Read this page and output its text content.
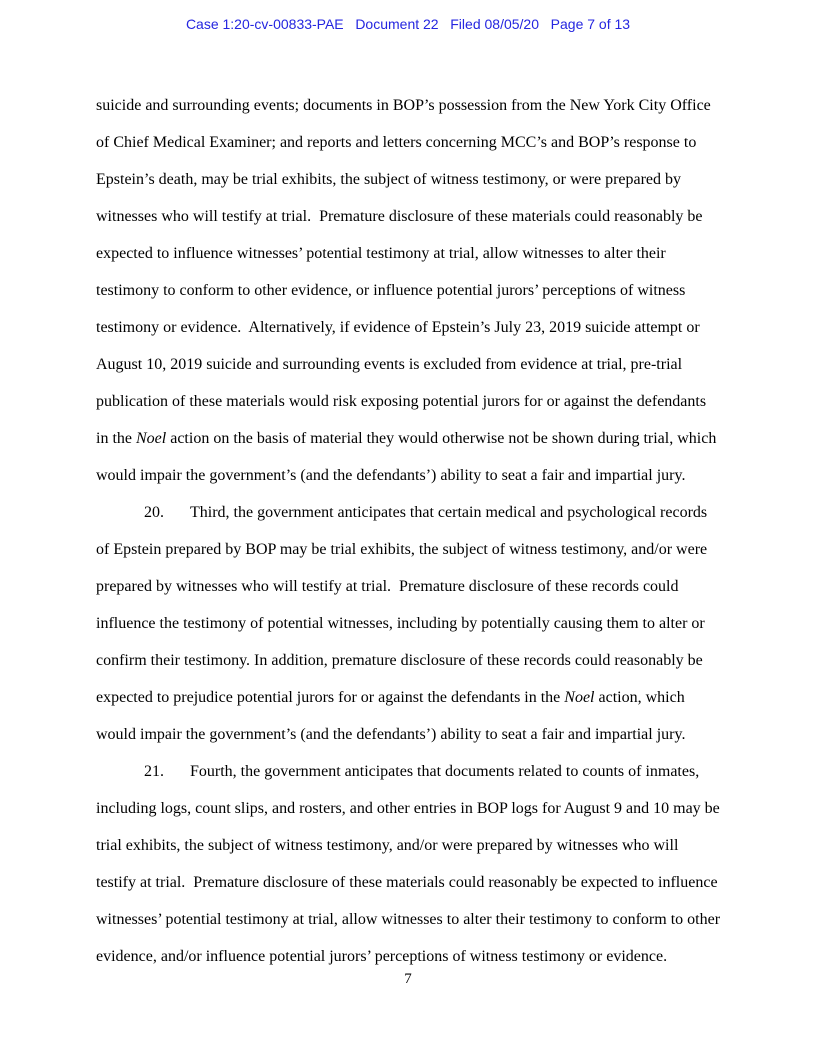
Case 1:20-cv-00833-PAE   Document 22   Filed 08/05/20   Page 7 of 13

suicide and surrounding events; documents in BOP’s possession from the New York City Office of Chief Medical Examiner; and reports and letters concerning MCC’s and BOP’s response to Epstein’s death, may be trial exhibits, the subject of witness testimony, or were prepared by witnesses who will testify at trial.  Premature disclosure of these materials could reasonably be expected to influence witnesses’ potential testimony at trial, allow witnesses to alter their testimony to conform to other evidence, or influence potential jurors’ perceptions of witness testimony or evidence.  Alternatively, if evidence of Epstein’s July 23, 2019 suicide attempt or August 10, 2019 suicide and surrounding events is excluded from evidence at trial, pre-trial publication of these materials would risk exposing potential jurors for or against the defendants in the Noel action on the basis of material they would otherwise not be shown during trial, which would impair the government’s (and the defendants’) ability to seat a fair and impartial jury.

20. Third, the government anticipates that certain medical and psychological records of Epstein prepared by BOP may be trial exhibits, the subject of witness testimony, and/or were prepared by witnesses who will testify at trial.  Premature disclosure of these records could influence the testimony of potential witnesses, including by potentially causing them to alter or confirm their testimony. In addition, premature disclosure of these records could reasonably be expected to prejudice potential jurors for or against the defendants in the Noel action, which would impair the government’s (and the defendants’) ability to seat a fair and impartial jury.

21. Fourth, the government anticipates that documents related to counts of inmates, including logs, count slips, and rosters, and other entries in BOP logs for August 9 and 10 may be trial exhibits, the subject of witness testimony, and/or were prepared by witnesses who will testify at trial.  Premature disclosure of these materials could reasonably be expected to influence witnesses’ potential testimony at trial, allow witnesses to alter their testimony to conform to other evidence, and/or influence potential jurors’ perceptions of witness testimony or evidence.

7
